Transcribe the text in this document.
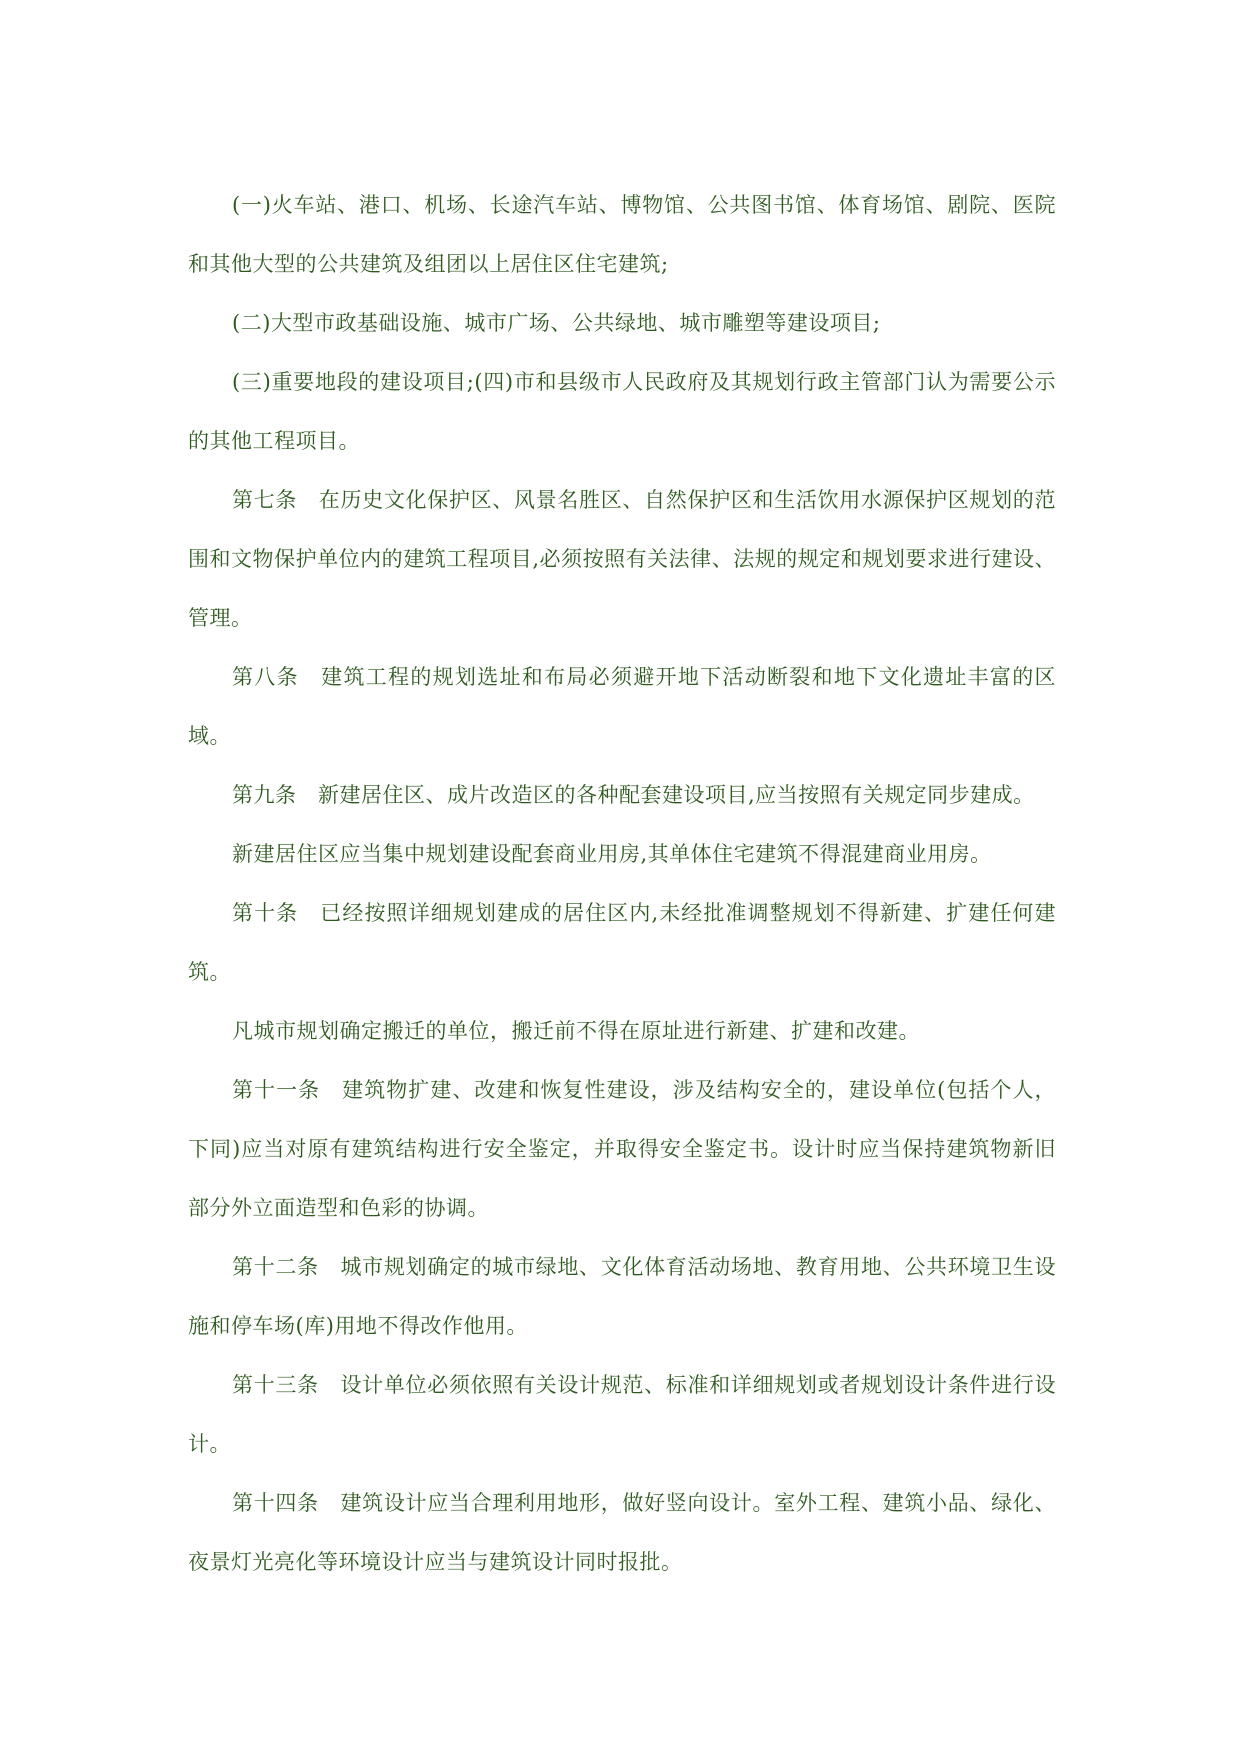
(一)火车站、港口、机场、长途汽车站、博物馆、公共图书馆、体育场馆、剧院、医院和其他大型的公共建筑及组团以上居住区住宅建筑;

(二)大型市政基础设施、城市广场、公共绿地、城市雕塑等建设项目;

(三)重要地段的建设项目;(四)市和县级市人民政府及其规划行政主管部门认为需要公示的其他工程项目。

第七条　在历史文化保护区、风景名胜区、自然保护区和生活饮用水源保护区规划的范围和文物保护单位内的建筑工程项目,必须按照有关法律、法规的规定和规划要求进行建设、管理。

第八条　建筑工程的规划选址和布局必须避开地下活动断裂和地下文化遗址丰富的区域。

第九条　新建居住区、成片改造区的各种配套建设项目,应当按照有关规定同步建成。

新建居住区应当集中规划建设配套商业用房,其单体住宅建筑不得混建商业用房。

第十条　已经按照详细规划建成的居住区内,未经批准调整规划不得新建、扩建任何建筑。

凡城市规划确定搬迁的单位，搬迁前不得在原址进行新建、扩建和改建。

第十一条　建筑物扩建、改建和恢复性建设，涉及结构安全的，建设单位(包括个人，下同)应当对原有建筑结构进行安全鉴定，并取得安全鉴定书。设计时应当保持建筑物新旧部分外立面造型和色彩的协调。

第十二条　城市规划确定的城市绿地、文化体育活动场地、教育用地、公共环境卫生设施和停车场(库)用地不得改作他用。

第十三条　设计单位必须依照有关设计规范、标准和详细规划或者规划设计条件进行设计。

第十四条　建筑设计应当合理利用地形，做好竖向设计。室外工程、建筑小品、绿化、夜景灯光亮化等环境设计应当与建筑设计同时报批。
